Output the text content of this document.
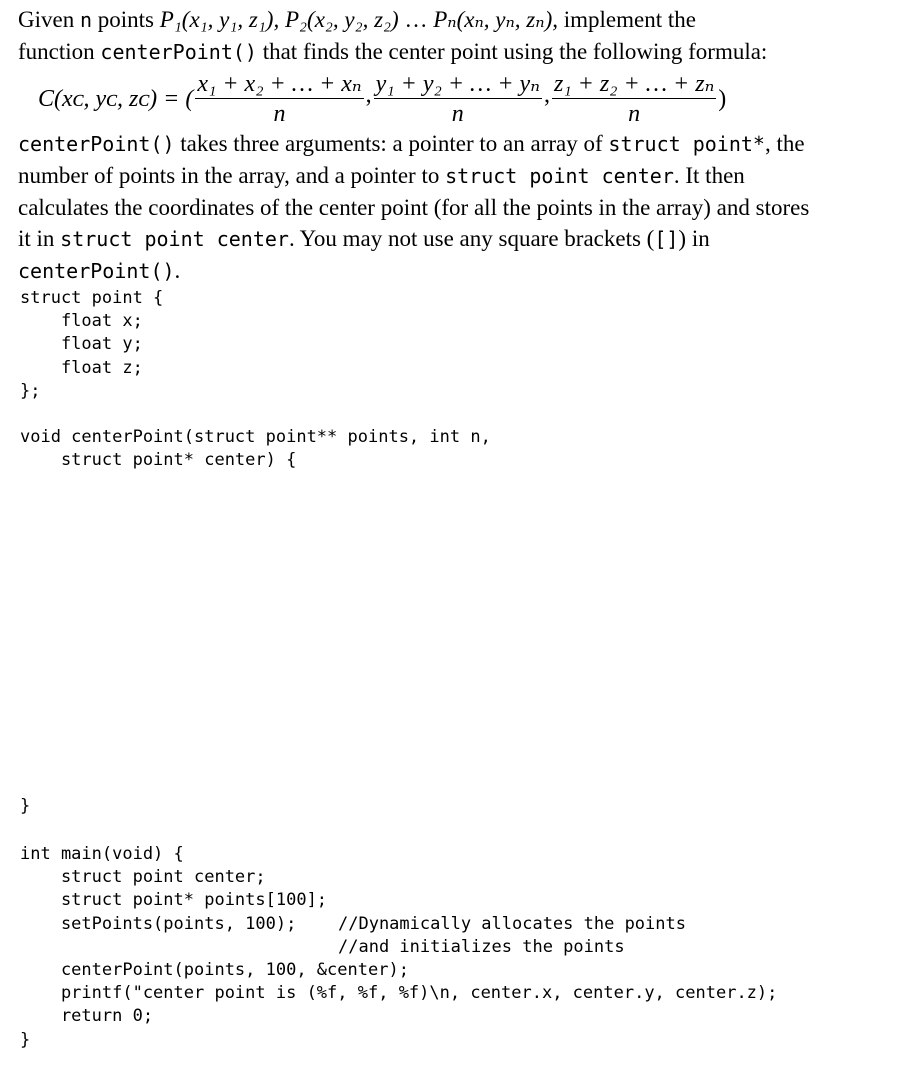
Given n points P₁(x₁, y₁, z₁), P₂(x₂, y₂, z₂) … Pₙ(xₙ, yₙ, zₙ), implement the
function centerPoint() that finds the center point using the following formula:
C(xᴄ, yᴄ, zᴄ) = ( $\frac{\text{x₁ + x₂ + … + xₙ}}{n}$ , $\frac{\text{y₁ + y₂ + … + yₙ}}{n}$ , $\frac{\text{z₁ + z₂ + … + zₙ}}{n}$ )
centerPoint() takes three arguments: a pointer to an array of struct point*, the number of points in the array, and a pointer to struct point center. It then calculates the coordinates of the center point (for all the points in the array) and stores it in struct point center. You may not use any square brackets ([]) in centerPoint().
struct point {
float x;
float y;
float z;
};
void centerPoint(struct point** points, int n,
struct point* center) {
}
int main(void) {
struct point center;
struct point* points[100];
setPoints(points, 100);	//Dynamically allocates the points
//and initializes the points
centerPoint(points, 100, &center);
printf("center point is (%f, %f, %f)\n, center.x, center.y, center.z);
return 0;
}
